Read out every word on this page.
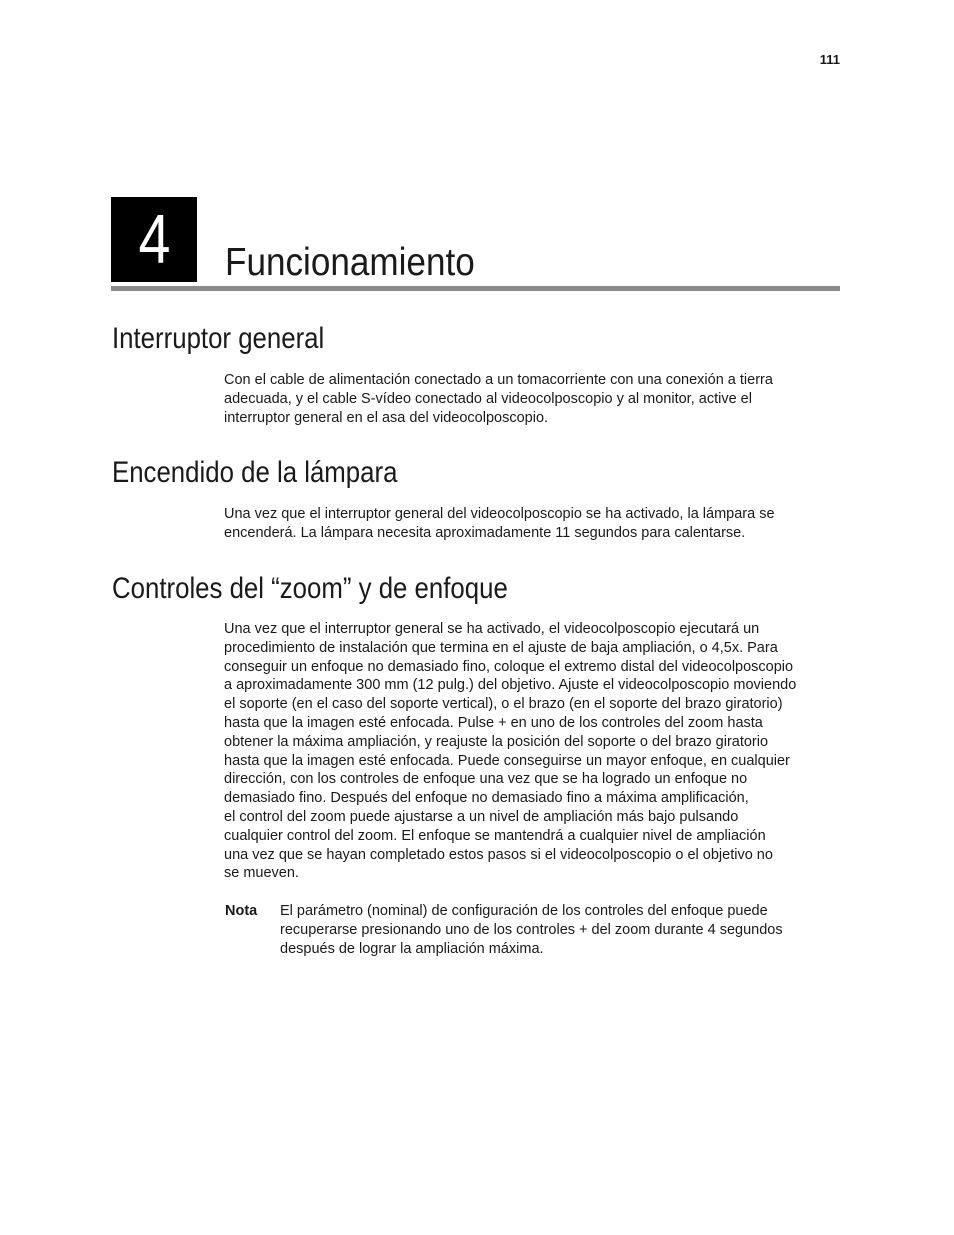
111
4	Funcionamiento
Interruptor general
Con el cable de alimentación conectado a un tomacorriente con una conexión a tierra
adecuada, y el cable S-vídeo conectado al videocolposcopio y al monitor, active el
interruptor general en el asa del videocolposcopio.
Encendido de la lámpara
Una vez que el interruptor general del videocolposcopio se ha activado, la lámpara se
encenderá. La lámpara necesita aproximadamente 11 segundos para calentarse.
Controles del “zoom” y de enfoque
Una vez que el interruptor general se ha activado, el videocolposcopio ejecutará un
procedimiento de instalación que termina en el ajuste de baja ampliación, o 4,5x. Para
conseguir un enfoque no demasiado fino, coloque el extremo distal del videocolposcopio
a aproximadamente 300 mm (12 pulg.) del objetivo. Ajuste el videocolposcopio moviendo
el soporte (en el caso del soporte vertical), o el brazo (en el soporte del brazo giratorio)
hasta que la imagen esté enfocada. Pulse + en uno de los controles del zoom hasta
obtener la máxima ampliación, y reajuste la posición del soporte o del brazo giratorio
hasta que la imagen esté enfocada. Puede conseguirse un mayor enfoque, en cualquier
dirección, con los controles de enfoque una vez que se ha logrado un enfoque no
demasiado fino. Después del enfoque no demasiado fino a máxima amplificación,
el control del zoom puede ajustarse a un nivel de ampliación más bajo pulsando
cualquier control del zoom. El enfoque se mantendrá a cualquier nivel de ampliación
una vez que se hayan completado estos pasos si el videocolposcopio o el objetivo no
se mueven.
Nota El parámetro (nominal) de configuración de los controles del enfoque puede
recuperarse presionando uno de los controles + del zoom durante 4 segundos
después de lograr la ampliación máxima.
